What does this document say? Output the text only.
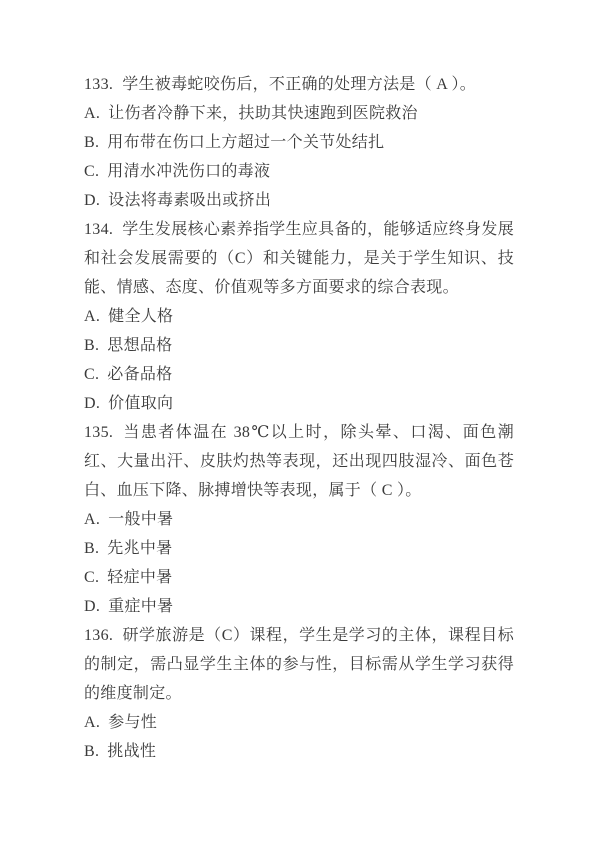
133. 学生被毒蛇咬伤后，不正确的处理方法是（ A ）。

A. 让伤者冷静下来，扶助其快速跑到医院救治

B. 用布带在伤口上方超过一个关节处结扎

C. 用清水冲洗伤口的毒液

D. 设法将毒素吸出或挤出

134. 学生发展核心素养指学生应具备的，能够适应终身发展和社会发展需要的（C）和关键能力，是关于学生知识、技能、情感、态度、价值观等多方面要求的综合表现。

A. 健全人格

B. 思想品格

C. 必备品格

D. 价值取向

135. 当患者体温在 38℃以上时，除头晕、口渴、面色潮红、大量出汗、皮肤灼热等表现，还出现四肢湿冷、面色苍白、血压下降、脉搏增快等表现，属于（ C ）。

A. 一般中暑

B. 先兆中暑

C. 轻症中暑

D. 重症中暑

136. 研学旅游是（C）课程，学生是学习的主体，课程目标的制定，需凸显学生主体的参与性，目标需从学生学习获得的维度制定。

A. 参与性

B. 挑战性
